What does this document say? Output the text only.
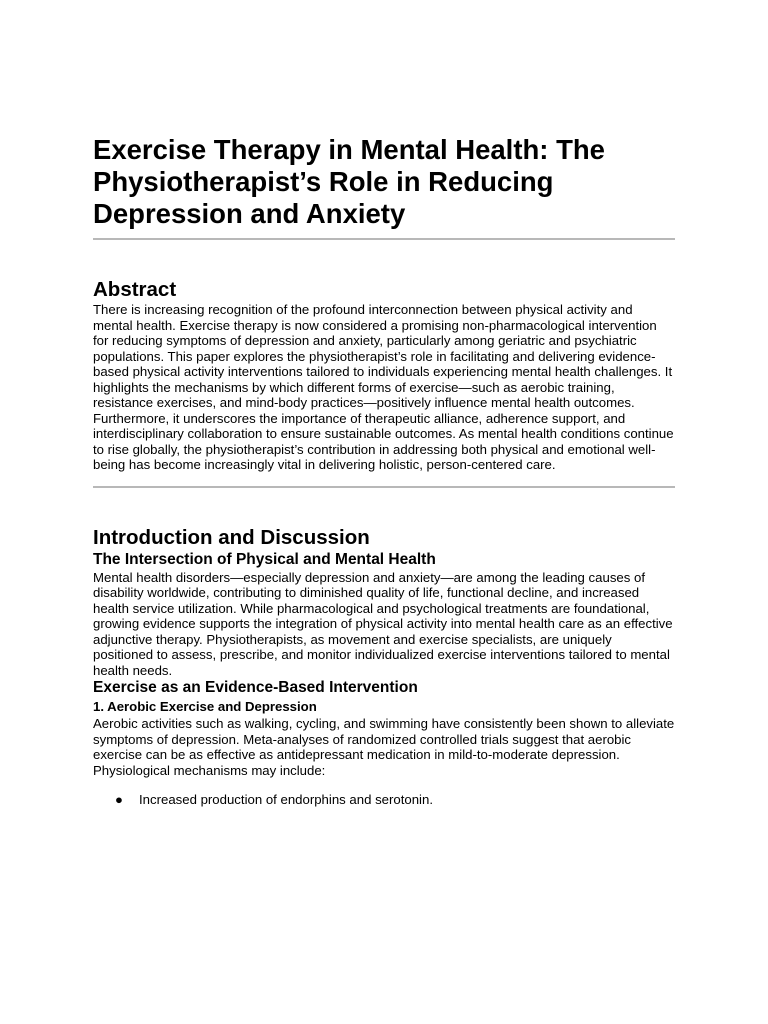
Exercise Therapy in Mental Health: The Physiotherapist’s Role in Reducing Depression and Anxiety
Abstract

There is increasing recognition of the profound interconnection between physical activity and mental health. Exercise therapy is now considered a promising non-pharmacological intervention for reducing symptoms of depression and anxiety, particularly among geriatric and psychiatric populations. This paper explores the physiotherapist’s role in facilitating and delivering evidence-based physical activity interventions tailored to individuals experiencing mental health challenges. It highlights the mechanisms by which different forms of exercise—such as aerobic training, resistance exercises, and mind-body practices—positively influence mental health outcomes. Furthermore, it underscores the importance of therapeutic alliance, adherence support, and interdisciplinary collaboration to ensure sustainable outcomes. As mental health conditions continue to rise globally, the physiotherapist’s contribution in addressing both physical and emotional well-being has become increasingly vital in delivering holistic, person-centered care.

Introduction and Discussion
The Intersection of Physical and Mental Health

Mental health disorders—especially depression and anxiety—are among the leading causes of disability worldwide, contributing to diminished quality of life, functional decline, and increased health service utilization. While pharmacological and psychological treatments are foundational, growing evidence supports the integration of physical activity into mental health care as an effective adjunctive therapy. Physiotherapists, as movement and exercise specialists, are uniquely positioned to assess, prescribe, and monitor individualized exercise interventions tailored to mental health needs.

Exercise as an Evidence-Based Intervention
1. Aerobic Exercise and Depression

Aerobic activities such as walking, cycling, and swimming have consistently been shown to alleviate symptoms of depression. Meta-analyses of randomized controlled trials suggest that aerobic exercise can be as effective as antidepressant medication in mild-to-moderate depression. Physiological mechanisms may include:

● Increased production of endorphins and serotonin.
